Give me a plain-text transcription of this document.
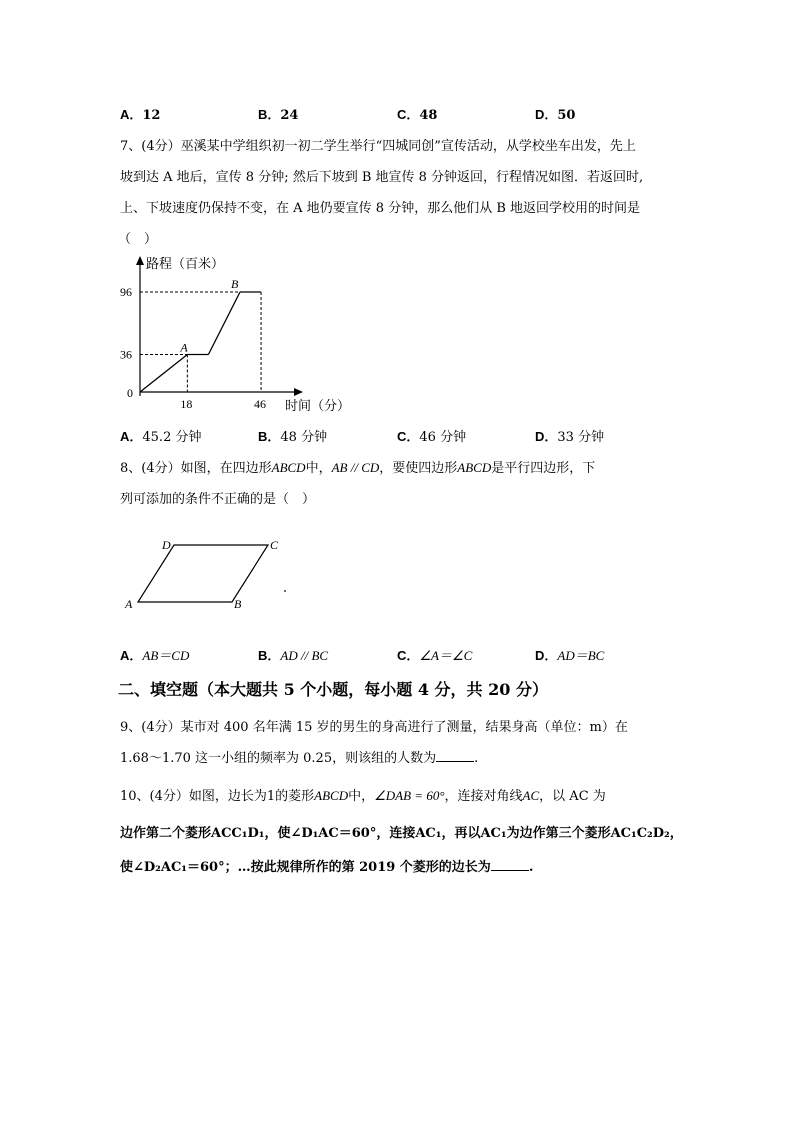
A．12	B．24	C．48	D．50
7、(4分）巫溪某中学组织初一初二学生举行“四城同创”宣传活动，从学校坐车出发，先上
坡到达 A 地后，宣传 8 分钟; 然后下坡到 B 地宣传 8 分钟返回，行程情况如图．若返回时,
上、下坡速度仍保持不变，在 A 地仍要宣传 8 分钟，那么他们从 B 地返回学校用的时间是
（　）
路程（百米）
时间（分）
0
18	46
36
96
A
B
A．45.2 分钟	B．48 分钟	C．46 分钟	D．33 分钟
8、(4分）如图，在四边形ABCD中，AB // CD，要使四边形ABCD是平行四边形，下
列可添加的条件不正确的是（　）
A	B
C
D
A．AB＝CD	B．AD // BC	C．∠A＝∠C	D．AD＝BC
二、填空题（本大题共 5 个小题，每小题 4 分，共 20 分）
9、(4分）某市对 400 名年满 15 岁的男生的身高进行了测量，结果身高（单位：m）在
1.68～1.70 这一小组的频率为 0.25，则该组的人数为	.
10、(4分）如图，边长为1的菱形ABCD中，∠DAB = 60°，连接对角线AC，以 AC 为
边作第二个菱形ACC₁D₁，使∠D₁AC＝60°，连接AC₁，再以AC₁为边作第三个菱形AC₁C₂D₂，
使∠D₂AC₁＝60°；…按此规律所作的第 2019 个菱形的边长为	.
